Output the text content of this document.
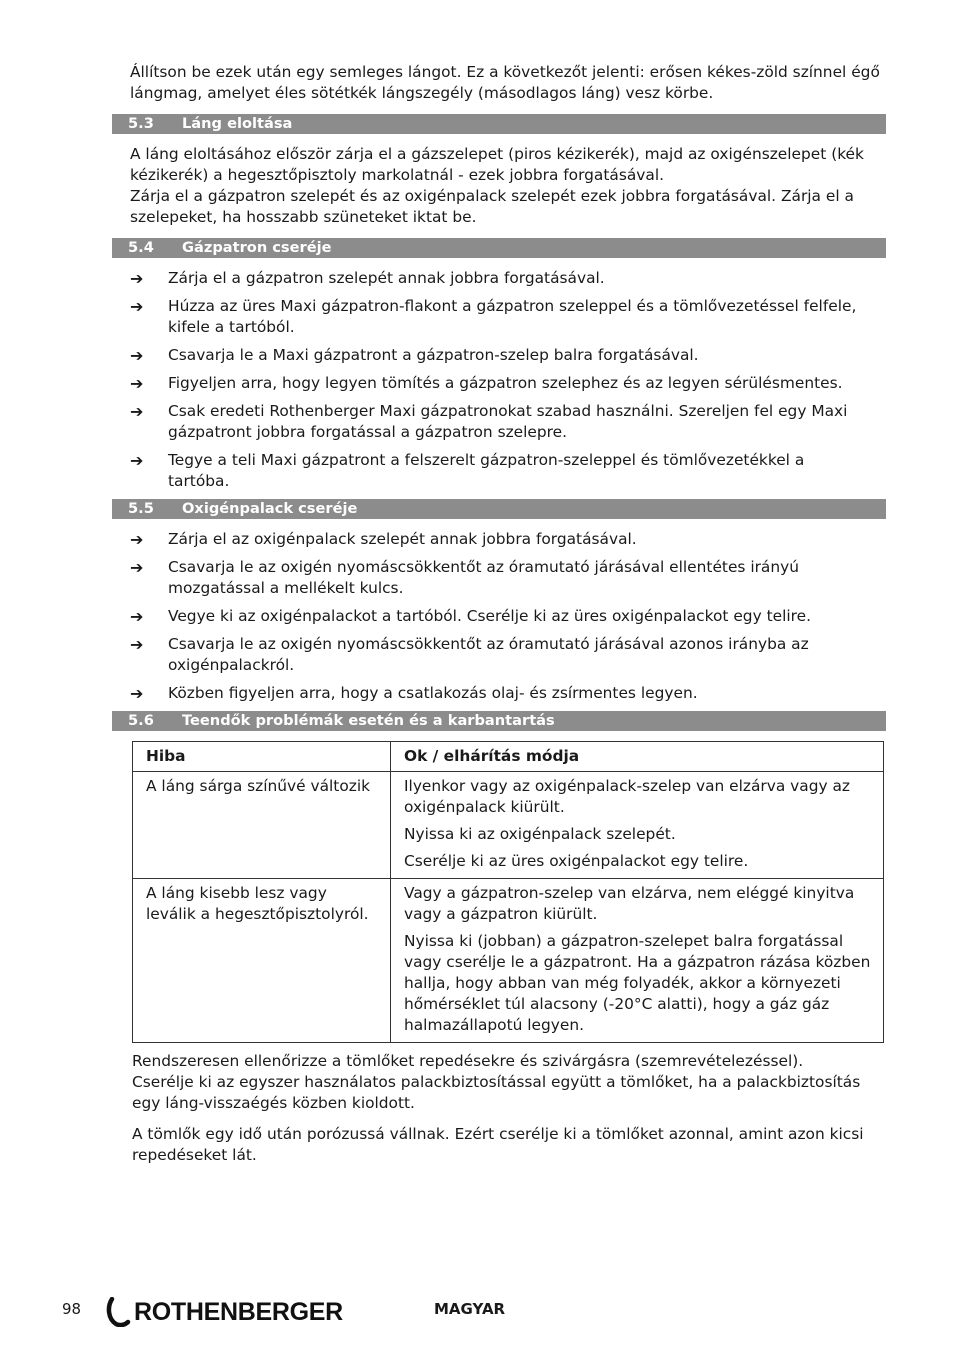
Állítson be ezek után egy semleges lángot. Ez a következőt jelenti: erősen kékes-zöld színnel égő lángmag, amelyet éles sötétkék lángszegély (másodlagos láng) vesz körbe.

5.3	Láng eloltása

A láng eloltásához először zárja el a gázszelepet (piros kézikerék), majd az oxigénszelepet (kék kézikerék) a hegesztőpisztoly markolatnál - ezek jobbra forgatásával.

Zárja el a gázpatron szelepét és az oxigénpalack szelepét ezek jobbra forgatásával. Zárja el a szelepeket, ha hosszabb szüneteket iktat be.

5.4	Gázpatron cseréje
➔	Zárja el a gázpatron szelepét annak jobbra forgatásával.
➔	Húzza az üres Maxi gázpatron-flakont a gázpatron szeleppel és a tömlővezetéssel felfele, kifele a tartóból.
➔	Csavarja le a Maxi gázpatront a gázpatron-szelep balra forgatásával.
➔	Figyeljen arra, hogy legyen tömítés a gázpatron szelephez és az legyen sérülésmentes.
➔	Csak eredeti Rothenberger Maxi gázpatronokat szabad használni. Szereljen fel egy Maxi gázpatront jobbra forgatással a gázpatron szelepre.
➔	Tegye a teli Maxi gázpatront a felszerelt gázpatron-szeleppel és tömlővezetékkel a tartóba.
5.5	Oxigénpalack cseréje
➔	Zárja el az oxigénpalack szelepét annak jobbra forgatásával.
➔	Csavarja le az oxigén nyomáscsökkentőt az óramutató járásával ellentétes irányú mozgatással a mellékelt kulcs.
➔	Vegye ki az oxigénpalackot a tartóból. Cserélje ki az üres oxigénpalackot egy telire.
➔	Csavarja le az oxigén nyomáscsökkentőt az óramutató járásával azonos irányba az oxigénpalackról.
➔	Közben figyeljen arra, hogy a csatlakozás olaj- és zsírmentes legyen.
5.6	Teendők problémák esetén és a karbantartás
Hiba	Ok / elhárítás módja
A láng sárga színűvé változik	Ilyenkor vagy az oxigénpalack-szelep van elzárva vagy az oxigénpalack kiürült.

Nyissa ki az oxigénpalack szelepét.

Cserélje ki az üres oxigénpalackot egy telire.

A láng kisebb lesz vagy leválik a hegesztőpisztolyról.	Vagy a gázpatron-szelep van elzárva, nem eléggé kinyitva vagy a gázpatron kiürült.

Nyissa ki (jobban) a gázpatron-szelepet balra forgatással vagy cserélje le a gázpatront. Ha a gázpatron rázása közben hallja, hogy abban van még folyadék, akkor a környezeti hőmérséklet túl alacsony (-20°C alatti), hogy a gáz gáz halmazállapotú legyen.

Rendszeresen ellenőrizze a tömlőket repedésekre és szivárgásra (szemrevételezéssel).

Cserélje ki az egyszer használatos palackbiztosítással együtt a tömlőket, ha a palackbiztosítás egy láng-visszaégés közben kioldott.

A tömlők egy idő után porózussá vállnak. Ezért cserélje ki a tömlőket azonnal, amint azon kicsi repedéseket lát.

98 ROTHENBERGER	MAGYAR
